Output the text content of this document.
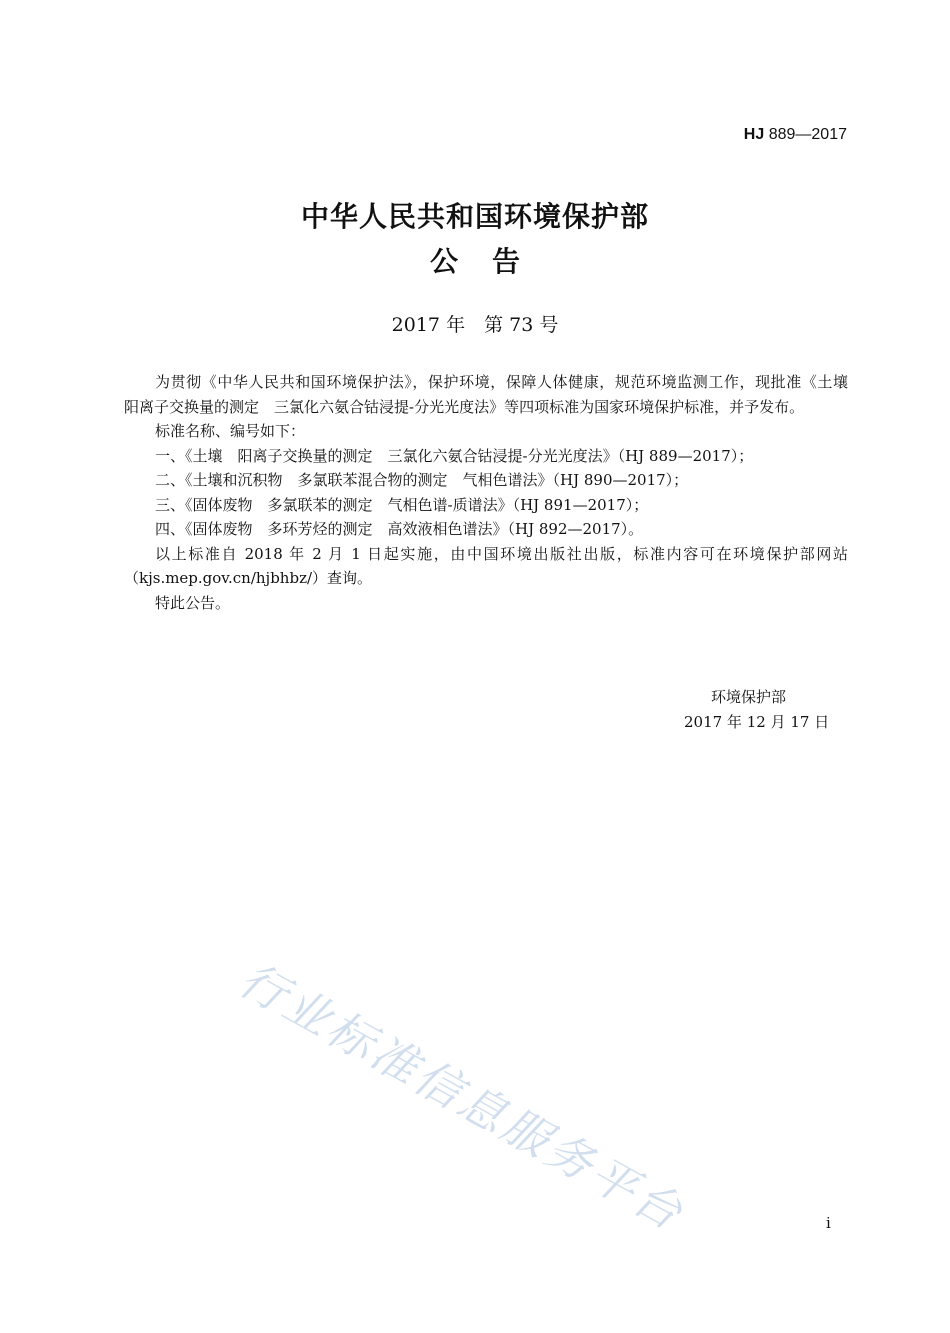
HJ 889—2017
中华人民共和国环境保护部
公告
2017 年　第 73 号

为贯彻《中华人民共和国环境保护法》，保护环境，保障人体健康，规范环境监测工作，现批准《土壤　阳离子交换量的测定　三氯化六氨合钴浸提-分光光度法》等四项标准为国家环境保护标准，并予发布。

标准名称、编号如下：

一、《土壤　阳离子交换量的测定　三氯化六氨合钴浸提-分光光度法》（HJ 889—2017）；

二、《土壤和沉积物　多氯联苯混合物的测定　气相色谱法》（HJ 890—2017）；

三、《固体废物　多氯联苯的测定　气相色谱-质谱法》（HJ 891—2017）；

四、《固体废物　多环芳烃的测定　高效液相色谱法》（HJ 892—2017）。

以上标准自 2018 年 2 月 1 日起实施，由中国环境出版社出版，标准内容可在环境保护部网站（kjs.mep.gov.cn/hjbhbz/）查询。

特此公告。

环境保护部
2017 年 12 月 17 日
行业标准信息服务平台	i
